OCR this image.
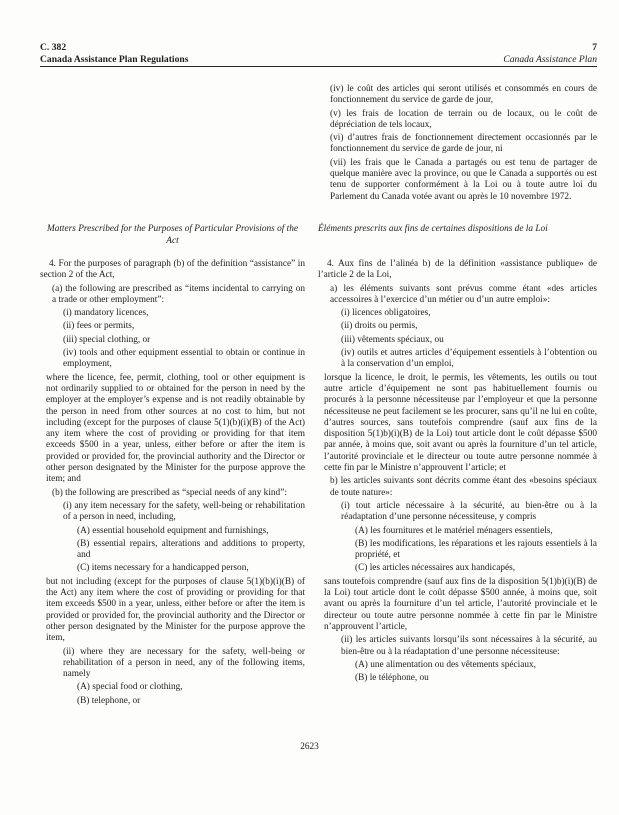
C. 382	7
Canada Assistance Plan Regulations	Canada Assistance Plan
Matters Prescribed for the Purposes of Particular Provisions of the Act

4. For the purposes of paragraph (b) of the definition “assistance” in section 2 of the Act,

(a) the following are prescribed as “items incidental to carrying on a trade or other employment”:

(i) mandatory licences,

(ii) fees or permits,

(iii) special clothing, or

(iv) tools and other equipment essential to obtain or continue in employment,

where the licence, fee, permit, clothing, tool or other equipment is not ordinarily supplied to or obtained for the person in need by the employer at the employer’s expense and is not readily obtainable by the person in need from other sources at no cost to him, but not including (except for the purposes of clause 5(1)(b)(i)(B) of the Act) any item where the cost of providing or providing for that item exceeds $500 in a year, unless, either before or after the item is provided or provided for, the provincial authority and the Director or other person designated by the Minister for the purpose approve the item; and

(b) the following are prescribed as “special needs of any kind”:

(i) any item necessary for the safety, well-being or rehabilitation of a person in need, including,

(A) essential household equipment and furnishings,

(B) essential repairs, alterations and additions to property, and

(C) items necessary for a handicapped person,

but not including (except for the purposes of clause 5(1)(b)(i)(B) of the Act) any item where the cost of providing or providing for that item exceeds $500 in a year, unless, either before or after the item is provided or provided for, the provincial authority and the Director or other person designated by the Minister for the purpose approve the item,

(ii) where they are necessary for the safety, well-being or rehabilitation of a person in need, any of the following items, namely

(A) special food or clothing,

(B) telephone, or

(iv) le coût des articles qui seront utilisés et consommés en cours de fonctionnement du service de garde de jour,

(v) les frais de location de terrain ou de locaux, ou le coût de dépréciation de tels locaux,

(vi) d’autres frais de fonctionnement directement occasionnés par le fonctionnement du service de garde de jour, ni

(vii) les frais que le Canada a partagés ou est tenu de partager de quelque manière avec la province, ou que le Canada a supportés ou est tenu de supporter conformément à la Loi ou à toute autre loi du Parlement du Canada votée avant ou après le 10 novembre 1972.

Éléments prescrits aux fins de certaines dispositions de la Loi

4. Aux fins de l’alinéa b) de la définition «assistance publique» de l’article 2 de la Loi,

a) les éléments suivants sont prévus comme étant «des articles accessoires à l’exercice d’un métier ou d’un autre emploi»:

(i) licences obligatoires,

(ii) droits ou permis,

(iii) vêtements spéciaux, ou

(iv) outils et autres articles d’équipement essentiels à l’obtention ou à la conservation d’un emploi,

lorsque la licence, le droit, le permis, les vêtements, les outils ou tout autre article d’équipement ne sont pas habituellement fournis ou procurés à la personne nécessiteuse par l’employeur et que la personne nécessiteuse ne peut facilement se les procurer, sans qu’il ne lui en coûte, d’autres sources, sans toutefois comprendre (sauf aux fins de la disposition 5(1)b)(i)(B) de la Loi) tout article dont le coût dépasse $500 par année, à moins que, soit avant ou après la fourniture d’un tel article, l’autorité provinciale et le directeur ou toute autre personne nommée à cette fin par le Ministre n’approuvent l’article; et

b) les articles suivants sont décrits comme étant des «besoins spéciaux de toute nature»:

(i) tout article nécessaire à la sécurité, au bien-être ou à la réadaptation d’une personne nécessiteuse, y compris

(A) les fournitures et le matériel ménagers essentiels,

(B) les modifications, les réparations et les rajouts essentiels à la propriété, et

(C) les articles nécessaires aux handicapés,

sans toutefois comprendre (sauf aux fins de la disposition 5(1)b)(i)(B) de la Loi) tout article dont le coût dépasse $500 année, à moins que, soit avant ou après la fourniture d’un tel article, l’autorité provinciale et le directeur ou toute autre personne nommée à cette fin par le Ministre n’approuvent l’article,

(ii) les articles suivants lorsqu’ils sont nécessaires à la sécurité, au bien-être ou à la réadaptation d’une personne nécessiteuse:

(A) une alimentation ou des vêtements spéciaux,

(B) le téléphone, ou

2623
